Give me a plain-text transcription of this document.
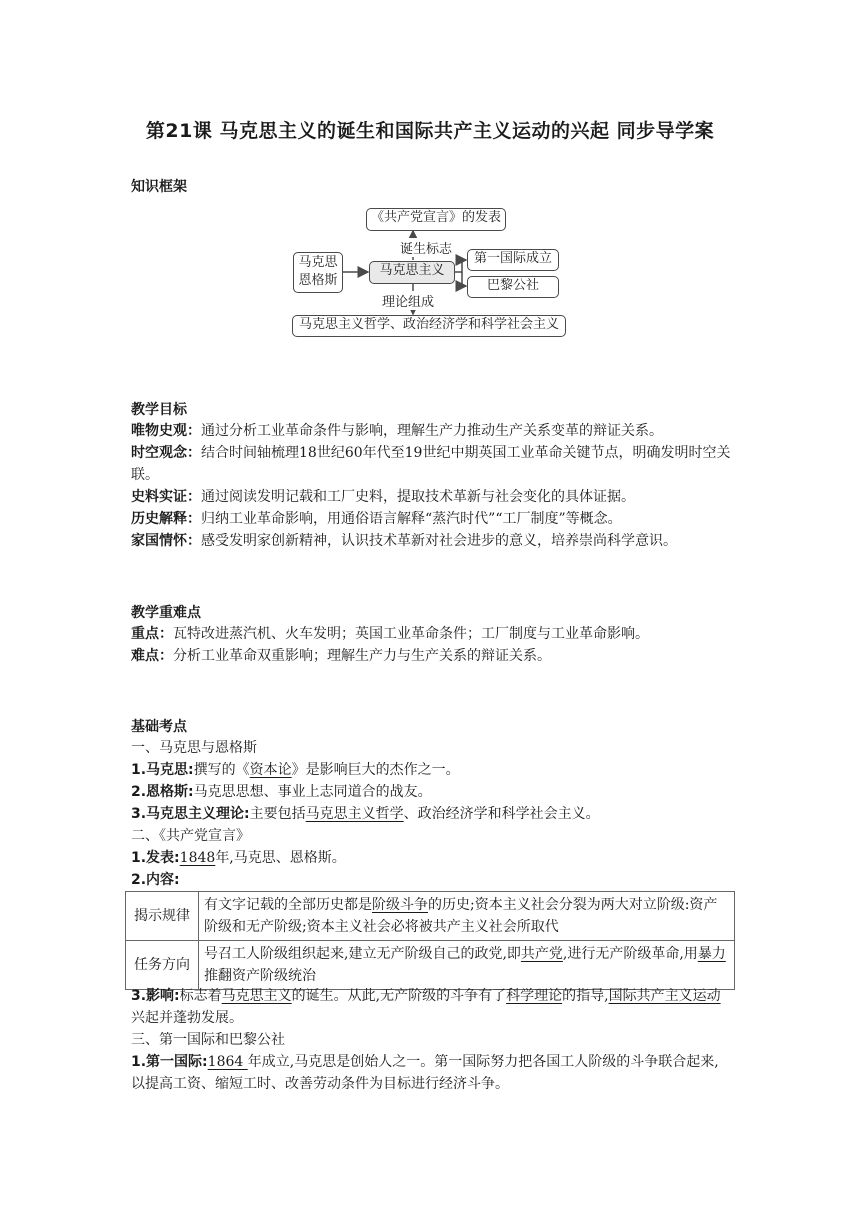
第21课 马克思主义的诞生和国际共产主义运动的兴起 同步导学案
知识框架
《共产党宣言》的发表
诞生标志
马克思
恩格斯
马克思主义
第一国际成立
巴黎公社
理论组成
马克思主义哲学、政治经济学和科学社会主义
教学目标
唯物史观：通过分析工业革命条件与影响，理解生产力推动生产关系变革的辩证关系。
时空观念：结合时间轴梳理18世纪60年代至19世纪中期英国工业革命关键节点，明确发明时空关联。
史料实证：通过阅读发明记载和工厂史料，提取技术革新与社会变化的具体证据。
历史解释：归纳工业革命影响，用通俗语言解释“蒸汽时代”“工厂制度”等概念。
家国情怀：感受发明家创新精神，认识技术革新对社会进步的意义，培养崇尚科学意识。
教学重难点
重点：瓦特改进蒸汽机、火车发明；英国工业革命条件；工厂制度与工业革命影响。
难点：分析工业革命双重影响；理解生产力与生产关系的辩证关系。
基础考点
一、马克思与恩格斯
1.马克思:撰写的《资本论》是影响巨大的杰作之一。
2.恩格斯:马克思思想、事业上志同道合的战友。
3.马克思主义理论:主要包括马克思主义哲学、政治经济学和科学社会主义。
二、《共产党宣言》
1.发表:1848年,马克思、恩格斯。
2.内容:
揭示规律	有文字记载的全部历史都是阶级斗争的历史;资本主义社会分裂为两大对立阶级:资产阶级和无产阶级;资本主义社会必将被共产主义社会所取代
任务方向	号召工人阶级组织起来,建立无产阶级自己的政党,即共产党,进行无产阶级革命,用暴力推翻资产阶级统治
3.影响:标志着马克思主义的诞生。从此,无产阶级的斗争有了科学理论的指导,国际共产主义运动兴起并蓬勃发展。
三、第一国际和巴黎公社
1.第一国际:1864 年成立,马克思是创始人之一。第一国际努力把各国工人阶级的斗争联合起来,以提高工资、缩短工时、改善劳动条件为目标进行经济斗争。
